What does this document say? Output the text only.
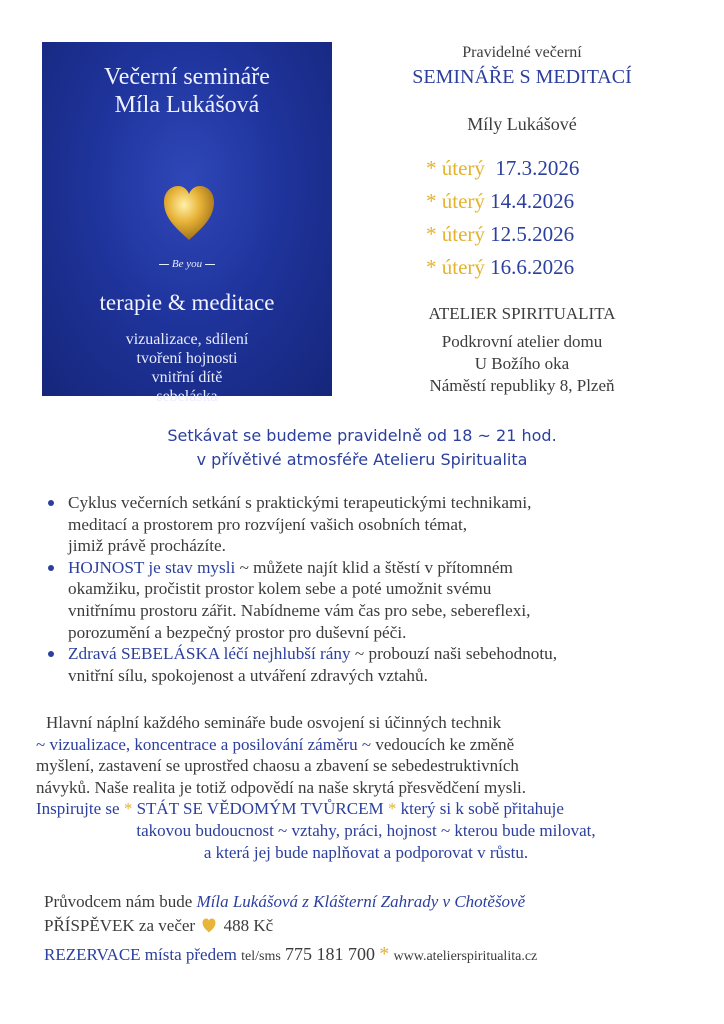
Večerní semináře
Míla Lukášová
Be you
terapie & meditace
vizualizace, sdílení
tvoření hojnosti
vnitřní dítě
sebeláska
Pravidelné večerní
SEMINÁŘE S MEDITACÍ
Míly Lukášové
* úterý 17.3.2026
* úterý 14.4.2026
* úterý 12.5.2026
* úterý 16.6.2026
ATELIER SPIRITUALITA
Podkrovní atelier domu
U Božího oka
Náměstí republiky 8, Plzeň
Setkávat se budeme pravidelně od 18 ~ 21 hod.
v přívětivé atmosféře Atelieru Spiritualita
Cyklus večerních setkání s praktickými terapeutickými technikami,
meditací a prostorem pro rozvíjení vašich osobních témat,
jimiž právě procházíte.
HOJNOST je stav mysli ~ můžete najít klid a štěstí v přítomném
okamžiku, pročistit prostor kolem sebe a poté umožnit svému
vnitřnímu prostoru zářit. Nabídneme vám čas pro sebe, sebereflexi,
porozumění a bezpečný prostor pro duševní péči.
Zdravá SEBELÁSKA léčí nejhlubší rány ~ probouzí naši sebehodnotu,
vnitřní sílu, spokojenost a utváření zdravých vztahů.
Hlavní náplní každého semináře bude osvojení si účinných technik
~ vizualizace, koncentrace a posilování záměru ~ vedoucích ke změně
myšlení, zastavení se uprostřed chaosu a zbavení se sebedestruktivních
návyků. Naše realita je totiž odpovědí na naše skrytá přesvědčení mysli.
Inspirujte se * STÁT SE VĚDOMÝM TVŮRCEM * který si k sobě přitahuje
takovou budoucnost ~ vztahy, práci, hojnost ~ kterou bude milovat,
a která jej bude naplňovat a podporovat v růstu.
Průvodcem nám bude Míla Lukášová z Klášterní Zahrady v Chotěšově
PŘÍSPĚVEK za večer 488 Kč
REZERVACE místa předem tel/sms 775 181 700 * www.atelierspiritualita.cz
